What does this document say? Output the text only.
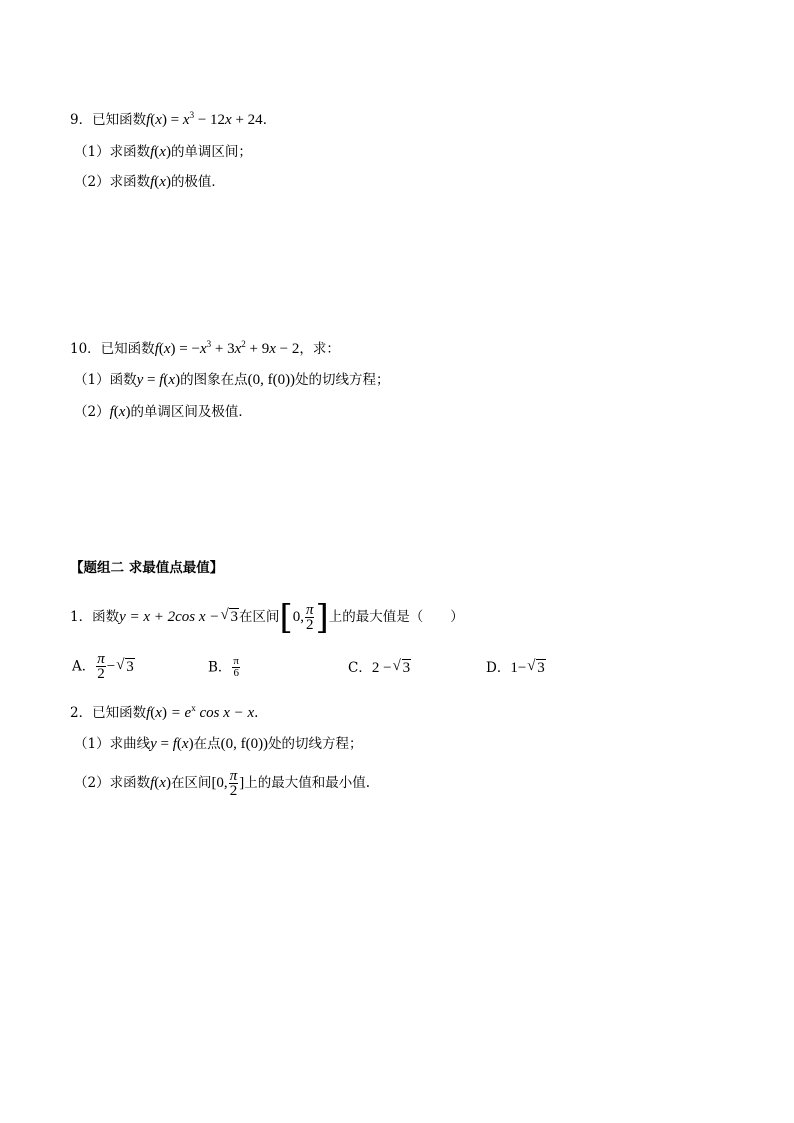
9．已知函数$f(x) = x^3 - 12x + 24$．
（1）求函数f(x)的单调区间；
（2）求函数f(x)的极值．
10．已知函数$f(x) = -x^3 + 3x^2 + 9x - 2$，求：
（1）函数y = f(x)的图象在点(0, f(0))处的切线方程；
（2）f(x)的单调区间及极值．
【题组二 求最值点最值】
1．函数y = x + 2cos x − √ 3在区间[0, $\frac{\pi}{2}$ ]上的最大值是（　　）
A． $\frac{\pi}{2}$ − √ 3	B． $\frac{\pi}{6}$	C．2 − √ 3	D．1− √ 3
2．已知函数$f(x) = e^x$ cos x − x.
（1）求曲线y = f(x)在点(0, f(0))处的切线方程；
（2）求函数f(x)在区间[0, $\frac{\pi}{2}$ ]上的最大值和最小值.
